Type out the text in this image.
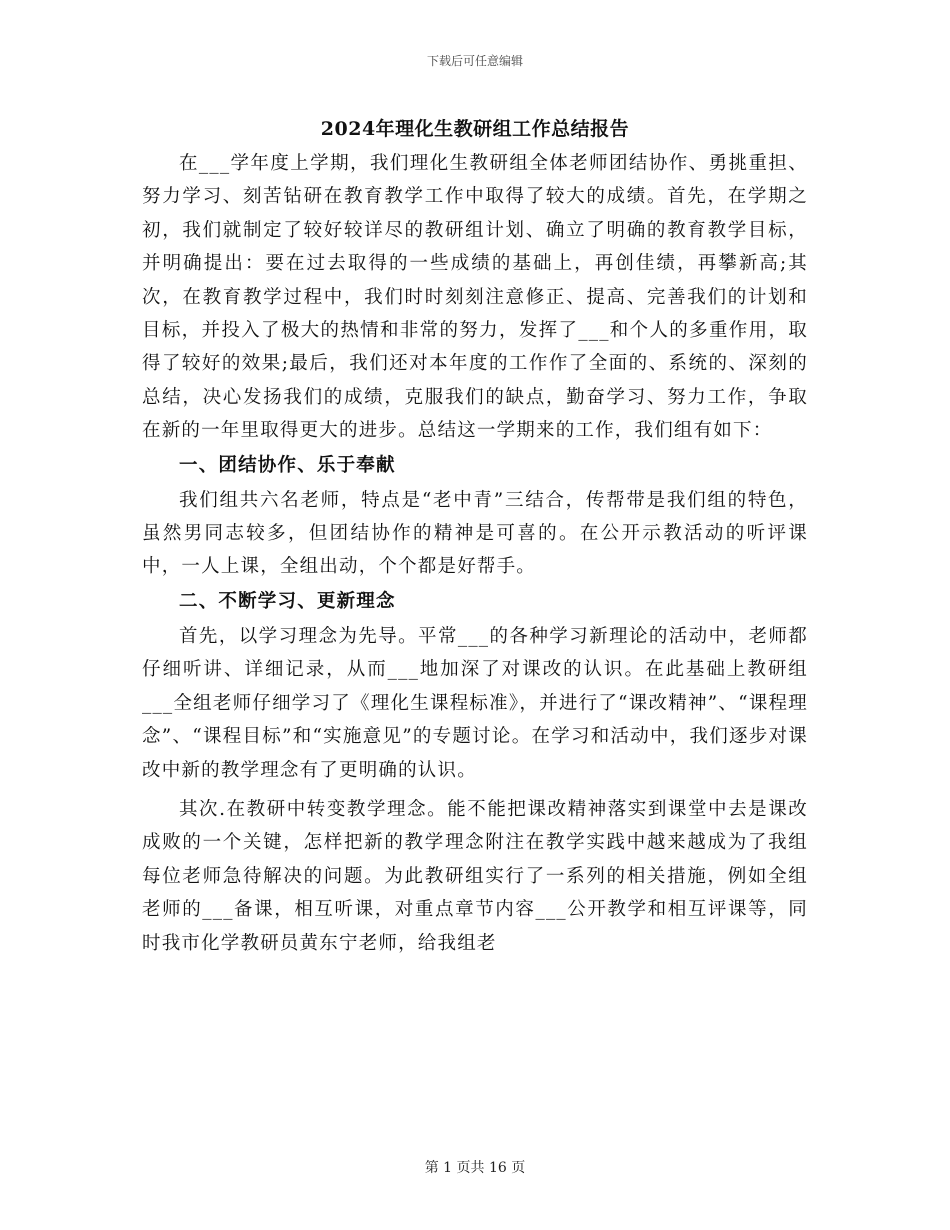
下载后可任意编辑
2024年理化生教研组工作总结报告

在___学年度上学期，我们理化生教研组全体老师团结协作、勇挑重担、努力学习、刻苦钻研在教育教学工作中取得了较大的成绩。首先，在学期之初，我们就制定了较好较详尽的教研组计划、确立了明确的教育教学目标，并明确提出：要在过去取得的一些成绩的基础上，再创佳绩，再攀新高;其次，在教育教学过程中，我们时时刻刻注意修正、提高、完善我们的计划和目标，并投入了极大的热情和非常的努力，发挥了___和个人的多重作用，取得了较好的效果;最后，我们还对本年度的工作作了全面的、系统的、深刻的总结，决心发扬我们的成绩，克服我们的缺点，勤奋学习、努力工作，争取在新的一年里取得更大的进步。总结这一学期来的工作，我们组有如下：

一、团结协作、乐于奉献

我们组共六名老师，特点是“老中青”三结合，传帮带是我们组的特色，虽然男同志较多，但团结协作的精神是可喜的。在公开示教活动的听评课中，一人上课，全组出动，个个都是好帮手。

二、不断学习、更新理念

首先，以学习理念为先导。平常___的各种学习新理论的活动中，老师都仔细听讲、详细记录，从而___地加深了对课改的认识。在此基础上教研组___全组老师仔细学习了《理化生课程标准》，并进行了“课改精神”、“课程理念”、“课程目标”和“实施意见”的专题讨论。在学习和活动中，我们逐步对课改中新的教学理念有了更明确的认识。

其次.在教研中转变教学理念。能不能把课改精神落实到课堂中去是课改成败的一个关键，怎样把新的教学理念附注在教学实践中越来越成为了我组每位老师急待解决的问题。为此教研组实行了一系列的相关措施，例如全组老师的___备课，相互听课，对重点章节内容___公开教学和相互评课等，同时我市化学教研员黄东宁老师，给我组老

第 1 页共 16 页
